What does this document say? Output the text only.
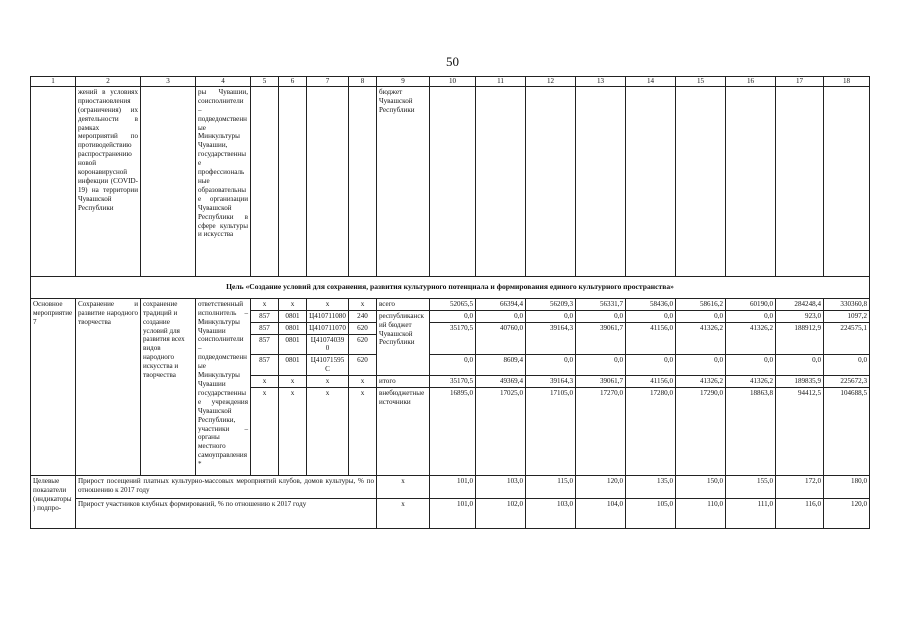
50
1	2	3	4	5	6	7	8	9	10	11	12	13	14	15	16	17	18
	жений в условиях приостановления (ограничения) их деятельности в рамках мероприятий по противодействию распространению новой коронавирусной инфекции (COVID-19) на территории Чувашской Республики		ры Чувашии, соисполнители – подведомственные Минкультуры Чувашии, государственные профессиональные образовательные организации Чувашской Республики в сфере культуры и искусства					бюджет Чувашской Республики									
Цель «Создание условий для сохранения, развития культурного потенциала и формирования единого культурного пространства»																	
Основное мероприятие 7	Сохранение и развитие народного творчества	сохранение традиций и создание условий для развития всех видов народного искусства и творчества	ответственный исполнитель – Минкультуры Чувашии соисполнители – подведомственные Минкультуры Чувашии государственные учреждения Чувашской Республики, участники – органы местного самоуправления*	x	x	x	x	всего	52065,5	66394,4	56209,3	56331,7	58436,0	58616,2	60190,0	284248,4	330360,8
				857	0801	Ц410711080	240	республиканский бюджет Чувашской Республики	0,0	0,0	0,0	0,0	0,0	0,0	0,0	923,0	1097,2
				857	0801	Ц410711070	620		35170,5	40760,0	39164,3	39061,7	41156,0	41326,2	41326,2	188912,9	224575,1
				857	0801	Ц410740390	620										
				857	0801	Ц41071595С	620		0,0	8609,4	0,0	0,0	0,0	0,0	0,0	0,0	0,0
				x	x	x	x	итого	35170,5	49369,4	39164,3	39061,7	41156,0	41326,2	41326,2	189835,9	225672,3
				x	x	x	x	внебюджетные источники	16895,0	17025,0	17105,0	17270,0	17280,0	17290,0	18863,8	94412,5	104688,5
Целевые показатели (индикаторы) подпро-	Прирост посещений платных культурно-массовых мероприятий клубов, домов культуры, % по отношению к 2017 году							x	101,0	103,0	115,0	120,0	135,0	150,0	155,0	172,0	180,0
	Прирост участников клубных формирований, % по отношению к 2017 году							x	101,0	102,0	103,0	104,0	105,0	110,0	111,0	116,0	120,0
